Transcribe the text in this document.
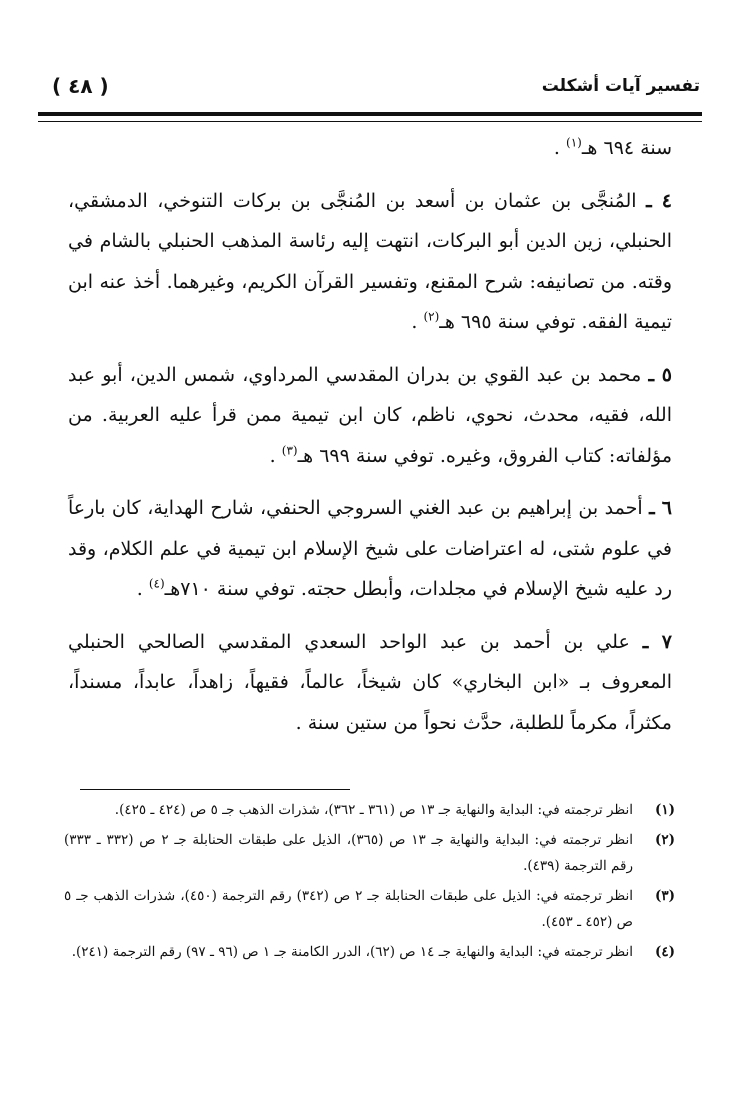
( ٤٨ )	تفسير آيات أشكلت

سنة ٦٩٤ هـ$^{(١)}$ .

٤ ـ المُنجَّى بن عثمان بن أسعد بن المُنجَّى بن بركات التنوخي، الدمشقي، الحنبلي، زين الدين أبو البركات، انتهت إليه رئاسة المذهب الحنبلي بالشام في وقته. من تصانيفه: شرح المقنع، وتفسير القرآن الكريم، وغيرهما. أخذ عنه ابن تيمية الفقه. توفي سنة ٦٩٥ هـ$^{(٢)}$ .

٥ ـ محمد بن عبد القوي بن بدران المقدسي المرداوي، شمس الدين، أبو عبد الله، فقيه، محدث، نحوي، ناظم، كان ابن تيمية ممن قرأ عليه العربية. من مؤلفاته: كتاب الفروق، وغيره. توفي سنة ٦٩٩ هـ$^{(٣)}$ .

٦ ـ أحمد بن إبراهيم بن عبد الغني السروجي الحنفي، شارح الهداية، كان بارعاً في علوم شتى، له اعتراضات على شيخ الإسلام ابن تيمية في علم الكلام، وقد رد عليه شيخ الإسلام في مجلدات، وأبطل حجته. توفي سنة ٧١٠هـ$^{(٤)}$ .

٧ ـ علي بن أحمد بن عبد الواحد السعدي المقدسي الصالحي الحنبلي المعروف بـ «ابن البخاري» كان شيخاً، عالماً، فقيهاً، زاهداً، عابداً، مسنداً، مكثراً، مكرماً للطلبة، حدَّث نحواً من ستين سنة .

(١)
انظر ترجمته في: البداية والنهاية جـ ١٣ ص (٣٦١ ـ ٣٦٢)، شذرات الذهب جـ ٥ ص (٤٢٤ ـ ٤٢٥).

(٢)
انظر ترجمته في: البداية والنهاية جـ ١٣ ص (٣٦٥)، الذيل على طبقات الحنابلة جـ ٢ ص (٣٣٢ ـ ٣٣٣) رقم الترجمة (٤٣٩).

(٣)
انظر ترجمته في: الذيل على طبقات الحنابلة جـ ٢ ص (٣٤٢) رقم الترجمة (٤٥٠)، شذرات الذهب جـ ٥ ص (٤٥٢ ـ ٤٥٣).

(٤)
انظر ترجمته في: البداية والنهاية جـ ١٤ ص (٦٢)، الدرر الكامنة جـ ١ ص (٩٦ ـ ٩٧) رقم الترجمة (٢٤١).
